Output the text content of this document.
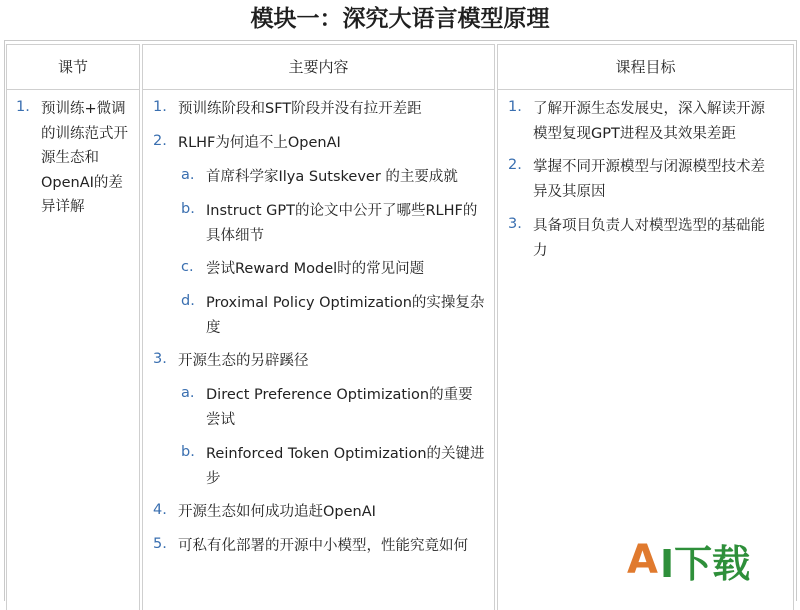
模块一：深究大语言模型原理
课节	主要内容	课程目标
1. 预训练+微调的训练范式开源生态和OpenAI的差异详解
1. 预训练阶段和SFT阶段并没有拉开差距
2. RLHF为何追不上OpenAI
a. 首席科学家Ilya Sutskever 的主要成就
b. Instruct GPT的论文中公开了哪些RLHF的具体细节
c. 尝试Reward Model时的常见问题
d. Proximal Policy Optimization的实操复杂度
3. 开源生态的另辟蹊径
a. Direct Preference Optimization的重要尝试
b. Reinforced Token Optimization的关键进步
4. 开源生态如何成功追赶OpenAI
5. 可私有化部署的开源中小模型，性能究竟如何
1. 了解开源生态发展史，深入解读开源模型复现GPT进程及其效果差距
2. 掌握不同开源模型与闭源模型技术差异及其原因
3. 具备项目负责人对模型选型的基础能力
A I下载
